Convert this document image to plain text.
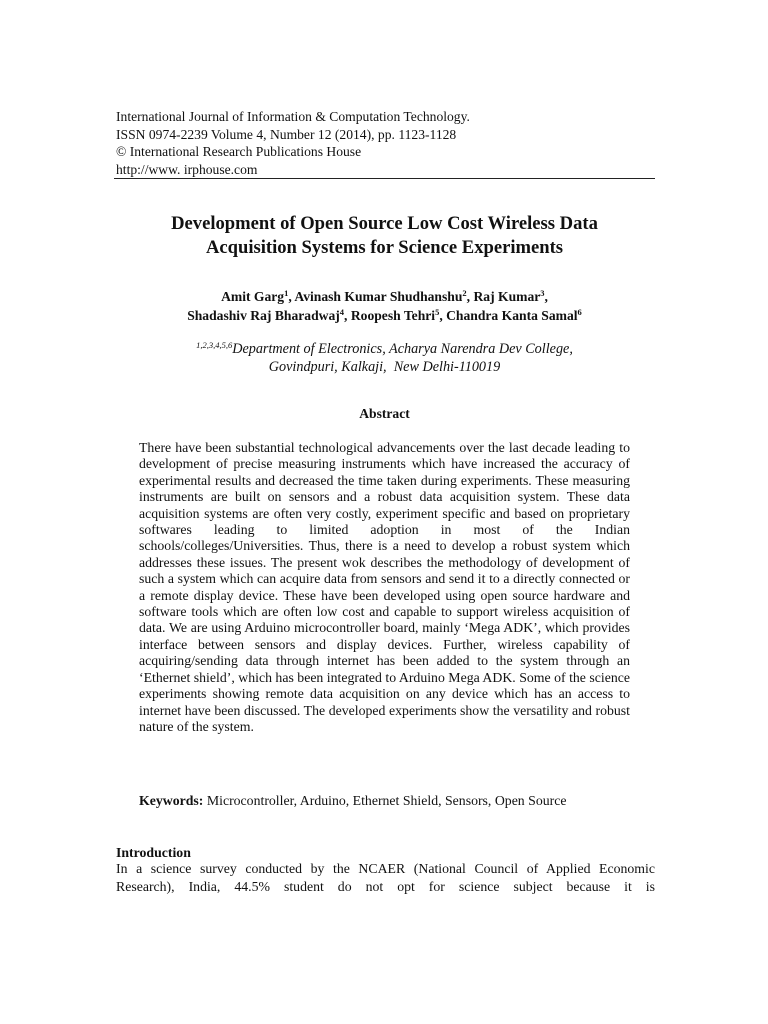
International Journal of Information & Computation Technology.
ISSN 0974-2239 Volume 4, Number 12 (2014), pp. 1123-1128
© International Research Publications House
http://www. irphouse.com
Development of Open Source Low Cost Wireless Data
Acquisition Systems for Science Experiments
Amit Garg$^1$, Avinash Kumar Shudhanshu$^2$, Raj Kumar$^3$,
Shadashiv Raj Bharadwaj$^4$, Roopesh Tehri$^5$, Chandra Kanta Samal$^6$
$^{1,2,3,4,5,6}$Department of Electronics, Acharya Narendra Dev College,
Govindpuri, Kalkaji,  New Delhi-110019
Abstract
There have been substantial technological advancements over the last decade leading to development of precise measuring instruments which have increased the accuracy of experimental results and decreased the time taken during experiments. These measuring instruments are built on sensors and a robust data acquisition system. These data acquisition systems are often very costly, experiment specific and based on proprietary softwares leading to limited adoption in most of the Indian schools/colleges/Universities. Thus, there is a need to develop a robust system which addresses these issues. The present wok describes the methodology of development of such a system which can acquire data from sensors and send it to a directly connected or a remote display device. These have been developed using open source hardware and software tools which are often low cost and capable to support wireless acquisition of data. We are using Arduino microcontroller board, mainly ‘Mega ADK’, which provides interface between sensors and display devices. Further, wireless capability of acquiring/sending data through internet has been added to the system through an ‘Ethernet shield’, which has been integrated to Arduino Mega ADK. Some of the science experiments showing remote data acquisition on any device which has an access to internet have been discussed. The developed experiments show the versatility and robust nature of the system.
Keywords: Microcontroller, Arduino, Ethernet Shield, Sensors, Open Source
Introduction
In a science survey conducted by the NCAER (National Council of Applied Economic Research), India, 44.5% student do not opt for science subject because it is
